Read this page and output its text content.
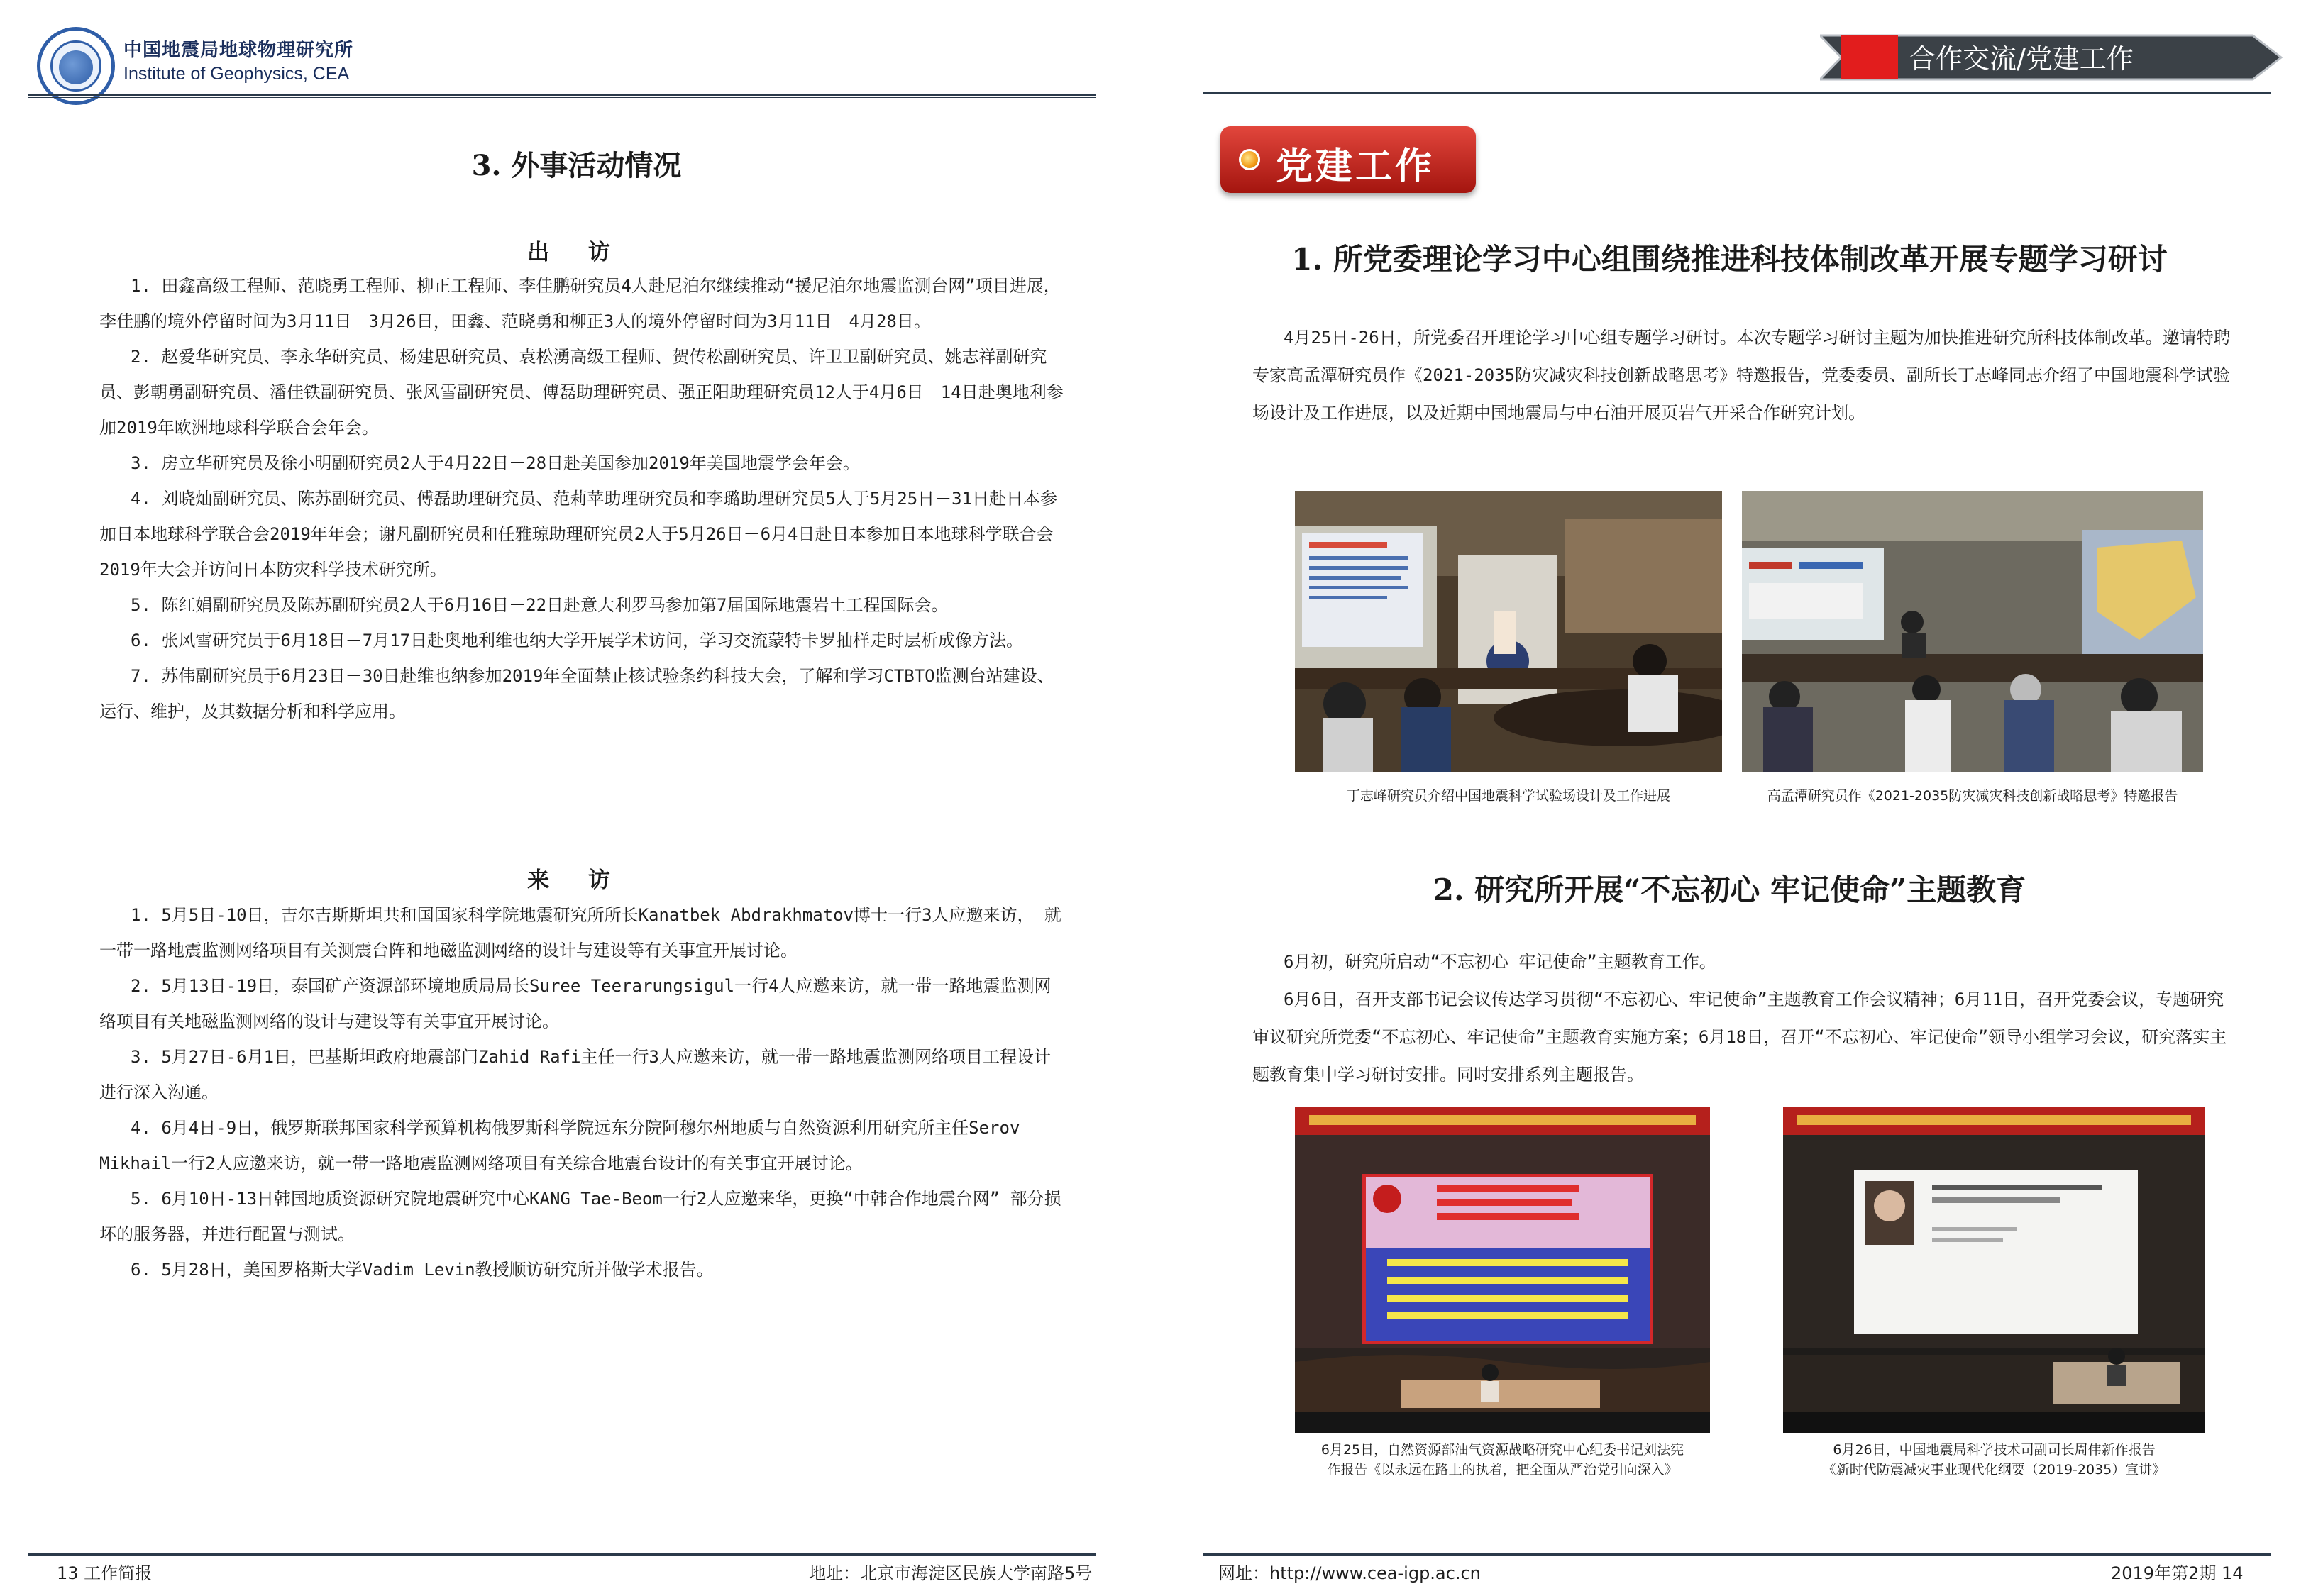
中国地震局地球物理研究所
Institute of Geophysics, CEA
3. 外事活动情况
出 访

1. 田鑫高级工程师、范晓勇工程师、柳正工程师、李佳鹏研究员4人赴尼泊尔继续推动“援尼泊尔地震监测台网”项目进展，李佳鹏的境外停留时间为3月11日－3月26日，田鑫、范晓勇和柳正3人的境外停留时间为3月11日－4月28日。

2. 赵爱华研究员、李永华研究员、杨建思研究员、袁松湧高级工程师、贺传松副研究员、许卫卫副研究员、姚志祥副研究员、彭朝勇副研究员、潘佳铁副研究员、张风雪副研究员、傅磊助理研究员、强正阳助理研究员12人于4月6日－14日赴奥地利参加2019年欧洲地球科学联合会年会。

3. 房立华研究员及徐小明副研究员2人于4月22日－28日赴美国参加2019年美国地震学会年会。

4. 刘晓灿副研究员、陈苏副研究员、傅磊助理研究员、范莉苹助理研究员和李璐助理研究员5人于5月25日－31日赴日本参加日本地球科学联合会2019年年会；谢凡副研究员和任雅琼助理研究员2人于5月26日－6月4日赴日本参加日本地球科学联合会2019年大会并访问日本防灾科学技术研究所。

5. 陈红娟副研究员及陈苏副研究员2人于6月16日－22日赴意大利罗马参加第7届国际地震岩土工程国际会。

6. 张风雪研究员于6月18日－7月17日赴奥地利维也纳大学开展学术访问，学习交流蒙特卡罗抽样走时层析成像方法。

7. 苏伟副研究员于6月23日－30日赴维也纳参加2019年全面禁止核试验条约科技大会，了解和学习CTBTO监测台站建设、运行、维护，及其数据分析和科学应用。

来 访

1. 5月5日-10日，吉尔吉斯斯坦共和国国家科学院地震研究所所长Kanatbek Abdrakhmatov博士一行3人应邀来访， 就一带一路地震监测网络项目有关测震台阵和地磁监测网络的设计与建设等有关事宜开展讨论。

2. 5月13日-19日，泰国矿产资源部环境地质局局长Suree Teerarungsigul一行4人应邀来访，就一带一路地震监测网络项目有关地磁监测网络的设计与建设等有关事宜开展讨论。

3. 5月27日-6月1日，巴基斯坦政府地震部门Zahid Rafi主任一行3人应邀来访，就一带一路地震监测网络项目工程设计进行深入沟通。

4. 6月4日-9日，俄罗斯联邦国家科学预算机构俄罗斯科学院远东分院阿穆尔州地质与自然资源利用研究所主任Serov Mikhail一行2人应邀来访，就一带一路地震监测网络项目有关综合地震台设计的有关事宜开展讨论。

5. 6月10日-13日韩国地质资源研究院地震研究中心KANG Tae-Beom一行2人应邀来华，更换“中韩合作地震台网” 部分损坏的服务器，并进行配置与测试。

6. 5月28日，美国罗格斯大学Vadim Levin教授顺访研究所并做学术报告。

13 工作简报	地址：北京市海淀区民族大学南路5号
合作交流/党建工作
党建工作
1. 所党委理论学习中心组围绕推进科技体制改革开展专题学习研讨

4月25日-26日，所党委召开理论学习中心组专题学习研讨。本次专题学习研讨主题为加快推进研究所科技体制改革。邀请特聘专家高孟潭研究员作《2021-2035防灾减灾科技创新战略思考》特邀报告，党委委员、副所长丁志峰同志介绍了中国地震科学试验场设计及工作进展，以及近期中国地震局与中石油开展页岩气开采合作研究计划。

丁志峰研究员介绍中国地震科学试验场设计及工作进展	高孟潭研究员作《2021-2035防灾减灾科技创新战略思考》特邀报告
2. 研究所开展“不忘初心 牢记使命”主题教育

6月初，研究所启动“不忘初心 牢记使命”主题教育工作。

6月6日，召开支部书记会议传达学习贯彻“不忘初心、牢记使命”主题教育工作会议精神；6月11日，召开党委会议，专题研究审议研究所党委“不忘初心、牢记使命”主题教育实施方案；6月18日，召开“不忘初心、牢记使命”领导小组学习会议，研究落实主题教育集中学习研讨安排。同时安排系列主题报告。

6月25日，自然资源部油气资源战略研究中心纪委书记刘法宪
作报告《以永远在路上的执着，把全面从严治党引向深入》
6月26日，中国地震局科学技术司副司长周伟新作报告
《新时代防震减灾事业现代化纲要（2019-2035）宣讲》
网址：http://www.cea-igp.ac.cn	2019年第2期 14
